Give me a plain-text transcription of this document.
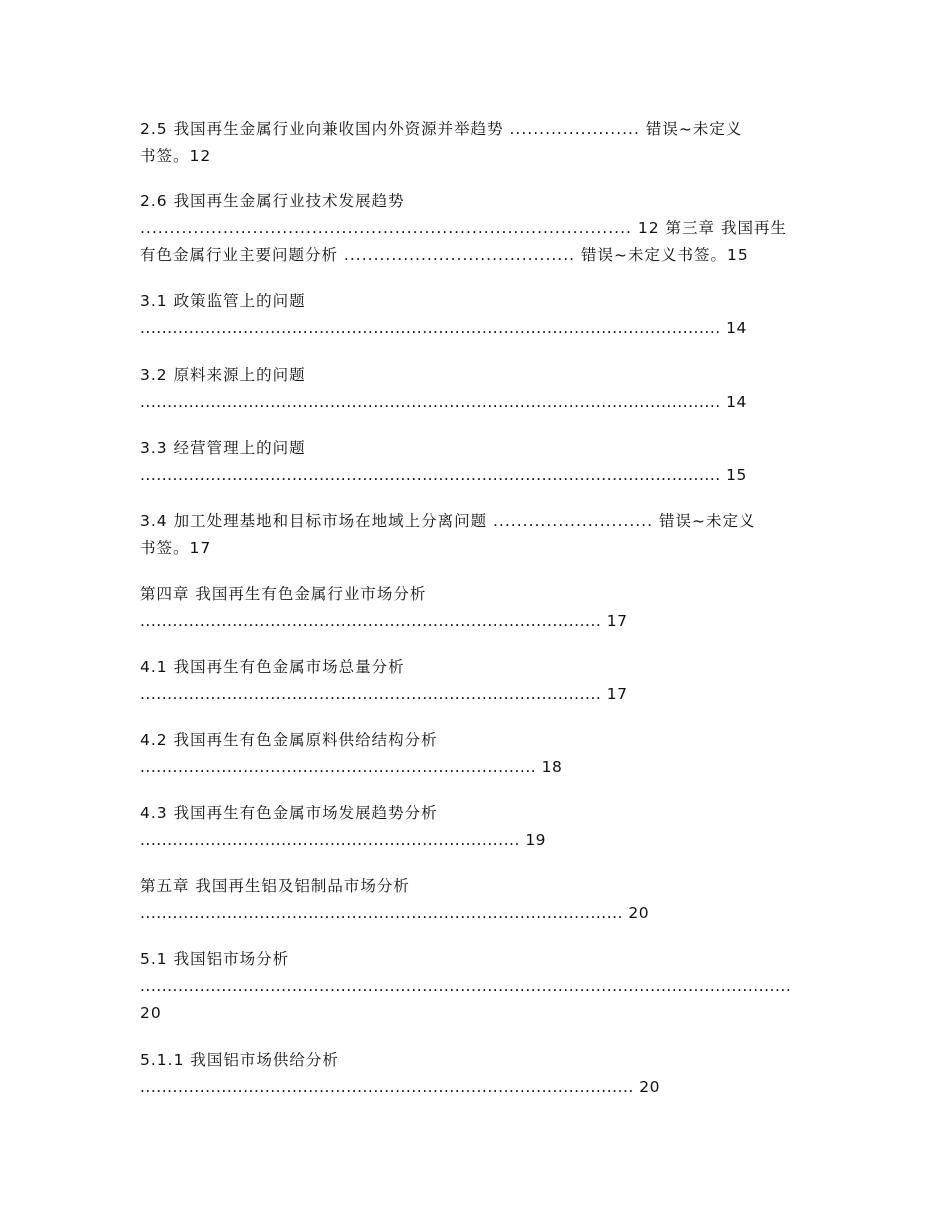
2.5 我国再生金属行业向兼收国内外资源并举趋势 ...................... 错误~未定义
书签。12
2.6 我国再生金属行业技术发展趋势
................................................................................... 12 第三章 我国再生
有色金属行业主要问题分析 ....................................... 错误~未定义书签。15
3.1 政策监管上的问题
........................................................................................................... 14
3.2 原料来源上的问题
........................................................................................................... 14
3.3 经营管理上的问题
........................................................................................................... 15
3.4 加工处理基地和目标市场在地域上分离问题 ........................... 错误~未定义
书签。17
第四章 我国再生有色金属行业市场分析
..................................................................................... 17
4.1 我国再生有色金属市场总量分析
..................................................................................... 17
4.2 我国再生有色金属原料供给结构分析
......................................................................... 18
4.3 我国再生有色金属市场发展趋势分析
...................................................................... 19
第五章 我国再生铝及铝制品市场分析
......................................................................................... 20
5.1 我国铝市场分析
........................................................................................................................
20
5.1.1 我国铝市场供给分析
........................................................................................... 20
